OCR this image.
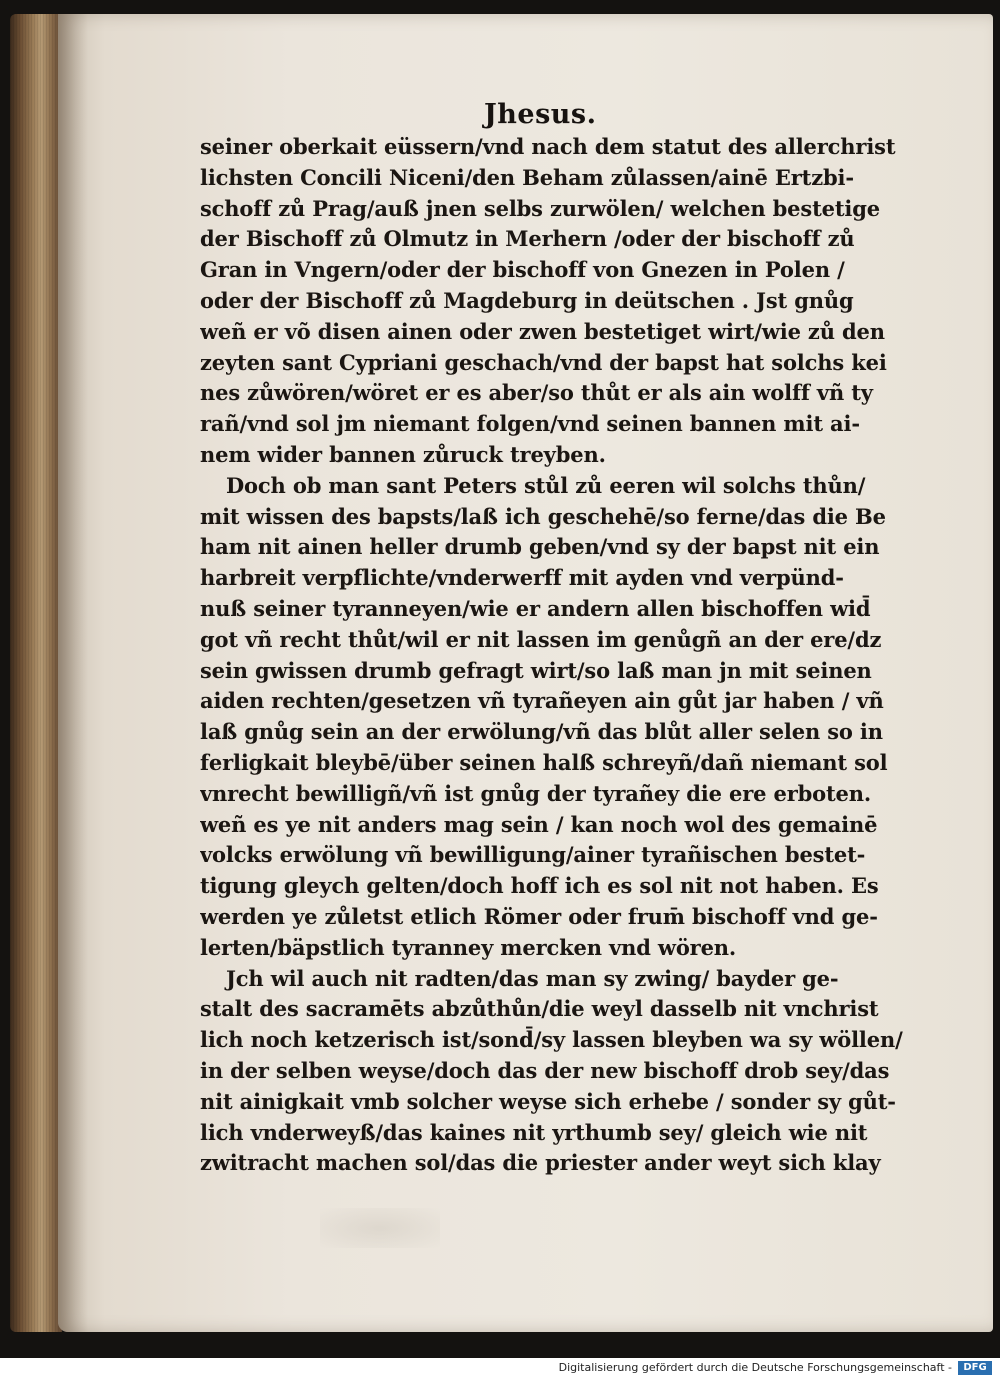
Jhesus.
seiner oberkait eüssern/vnd nach dem statut des allerchrist
lichsten Concili Niceni/den Beham zůlassen/ainē Ertzbi-
schoff zů Prag/auß jnen selbs zurwölen/ welchen bestetige
der Bischoff zů Olmutz in Merhern /oder der bischoff zů
Gran in Vngern/oder der bischoff von Gnezen in Polen /
oder der Bischoff zů Magdeburg in deütschen . Jst gnůg
weñ er võ disen ainen oder zwen bestetiget wirt/wie zů den
zeyten sant Cypriani geschach/vnd der bapst hat solchs kei
nes zůwören/wöret er es aber/so thůt er als ain wolff vñ ty
rañ/vnd sol jm niemant folgen/vnd seinen bannen mit ai-
nem wider bannen zůruck treyben.
Doch ob man sant Peters stůl zů eeren wil solchs thůn/
mit wissen des bapsts/laß ich geschehē/so ferne/das die Be
ham nit ainen heller drumb geben/vnd sy der bapst nit ein
harbreit verpflichte/vnderwerff mit ayden vnd verpünd-
nuß seiner tyranneyen/wie er andern allen bischoffen wid̄
got vñ recht thůt/wil er nit lassen im genůgñ an der ere/dz
sein gwissen drumb gefragt wirt/so laß man jn mit seinen
aiden rechten/gesetzen vñ tyrañeyen ain gůt jar haben / vñ
laß gnůg sein an der erwölung/vñ das blůt aller selen so in
ferligkait bleybē/über seinen halß schreyñ/dañ niemant sol
vnrecht bewilligñ/vñ ist gnůg der tyrañey die ere erboten.
weñ es ye nit anders mag sein / kan noch wol des gemainē
volcks erwölung vñ bewilligung/ainer tyrañischen bestet-
tigung gleych gelten/doch hoff ich es sol nit not haben. Es
werden ye zůletst etlich Römer oder frum̄ bischoff vnd ge-
lerten/bäpstlich tyranney mercken vnd wören.
Jch wil auch nit radten/das man sy zwing/ bayder ge-
stalt des sacramēts abzůthůn/die weyl dasselb nit vnchrist
lich noch ketzerisch ist/sond̄/sy lassen bleyben wa sy wöllen/
in der selben weyse/doch das der new bischoff drob sey/das
nit ainigkait vmb solcher weyse sich erhebe / sonder sy gůt-
lich vnderweyß/das kaines nit yrthumb sey/ gleich wie nit
zwitracht machen sol/das die priester ander weyt sich klay
Digitalisierung gefördert durch die Deutsche Forschungsgemeinschaft -	DFG
